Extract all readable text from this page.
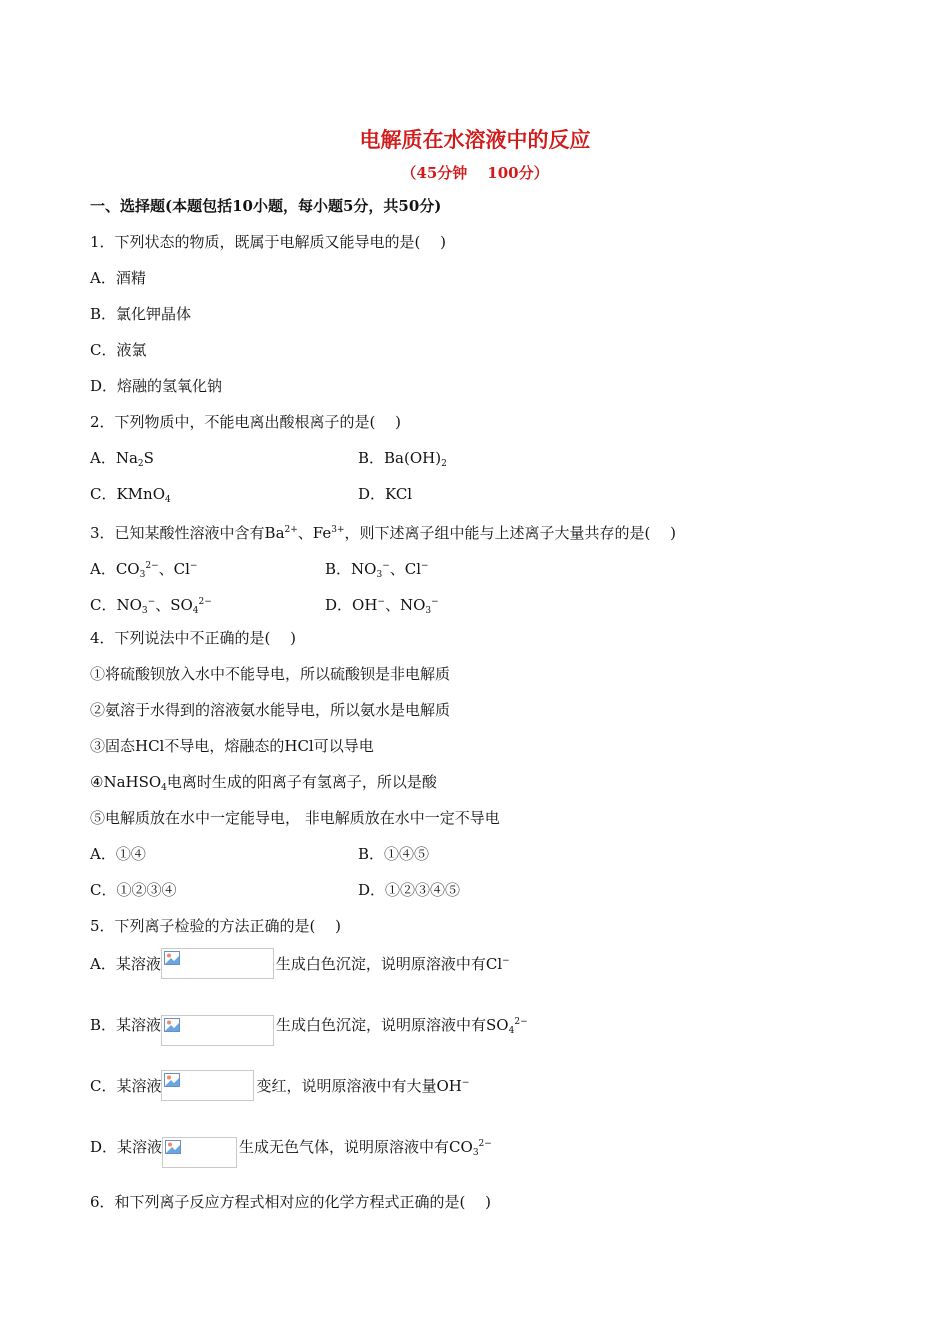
电解质在水溶液中的反应
（45分钟 100分）
一、选择题(本题包括10小题，每小题5分，共50分)
1．下列状态的物质，既属于电解质又能导电的是(　 )
A．酒精
B．氯化钾晶体
C．液氯
D．熔融的氢氧化钠
2．下列物质中，不能电离出酸根离子的是(　 )
A．$Na_2S$	B．$Ba(OH)_2$
C．KMnO$_4$	D．KCl
3．已知某酸性溶液中含有$Ba^{2+}$、$Fe^{3+}$，则下述离子组中能与上述离子大量共存的是(　 )
A．$CO_3^{2-}$、Cl−	B．$NO_3^-$、Cl−
C．$NO_3^-$、$SO_4^{2-}$	D．OH−、$NO_3^-$
4．下列说法中不正确的是(　 )
①将硫酸钡放入水中不能导电，所以硫酸钡是非电解质
②氨溶于水得到的溶液氨水能导电，所以氨水是电解质
③固态HCl不导电，熔融态的HCl可以导电
④NaHSO$_4$电离时生成的阳离子有氢离子，所以是酸
⑤电解质放在水中一定能导电， 非电解质放在水中一定不导电
A．①④	B．①④⑤
C．①②③④	D．①②③④⑤
5．下列离子检验的方法正确的是(　 )
A．某溶液	生成白色沉淀，说明原溶液中有Cl−
B．某溶液	生成白色沉淀，说明原溶液中有$SO_4^{2-}$
C．某溶液	变红，说明原溶液中有大量OH−
D．某溶液	生成无色气体，说明原溶液中有$CO_3^{2-}$
6．和下列离子反应方程式相对应的化学方程式正确的是(　 )
